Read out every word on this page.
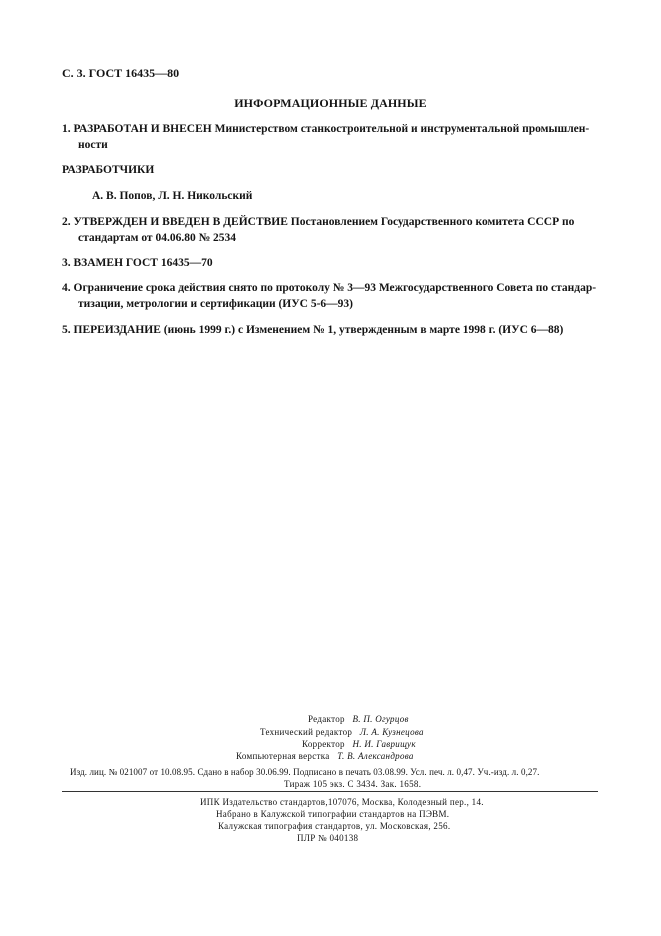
С. 3. ГОСТ 16435—80
ИНФОРМАЦИОННЫЕ ДАННЫЕ
1. РАЗРАБОТАН И ВНЕСЕН Министерством станкостроительной и инструментальной промышлен-
ности
РАЗРАБОТЧИКИ
А. В. Попов, Л. Н. Никольский
2. УТВЕРЖДЕН И ВВЕДЕН В ДЕЙСТВИЕ Постановлением Государственного комитета СССР по
стандартам от 04.06.80 № 2534
3. ВЗАМЕН ГОСТ 16435—70
4. Ограничение срока действия снято по протоколу № 3—93 Межгосударственного Совета по стандар-
тизации, метрологии и сертификации (ИУС 5-6—93)
5. ПЕРЕИЗДАНИЕ (июнь 1999 г.) с Изменением № 1, утвержденным в марте 1998 г. (ИУС 6—88)
Редактор В. П. Огурцов
Технический редактор Л. А. Кузнецова
Корректор Н. И. Гаврищук
Компьютерная верстка Т. В. Александрова
Изд. лиц. № 021007 от 10.08.95. Сдано в набор 30.06.99. Подписано в печать 03.08.99. Усл. печ. л. 0,47. Уч.-изд. л. 0,27.
Тираж 105 экз. С 3434. Зак. 1658.
ИПК Издательство стандартов,107076, Москва, Колодезный пер., 14.
Набрано в Калужской типографии стандартов на ПЭВМ.
Калужская типография стандартов, ул. Московская, 256.
ПЛР № 040138
